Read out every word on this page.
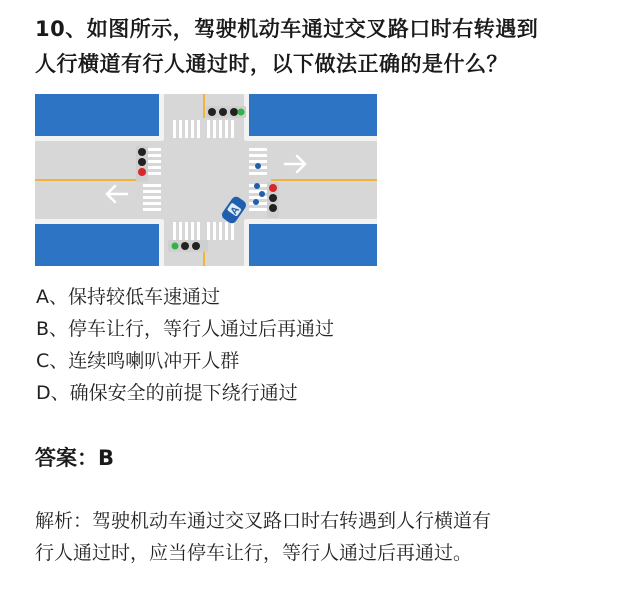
10、如图所示，驾驶机动车通过交叉路口时右转遇到
人行横道有行人通过时，以下做法正确的是什么？
A
A、保持较低车速通过
B、停车让行，等行人通过后再通过
C、连续鸣喇叭冲开人群
D、确保安全的前提下绕行通过
答案：B
解析：驾驶机动车通过交叉路口时右转遇到人行横道有
行人通过时，应当停车让行，等行人通过后再通过。
